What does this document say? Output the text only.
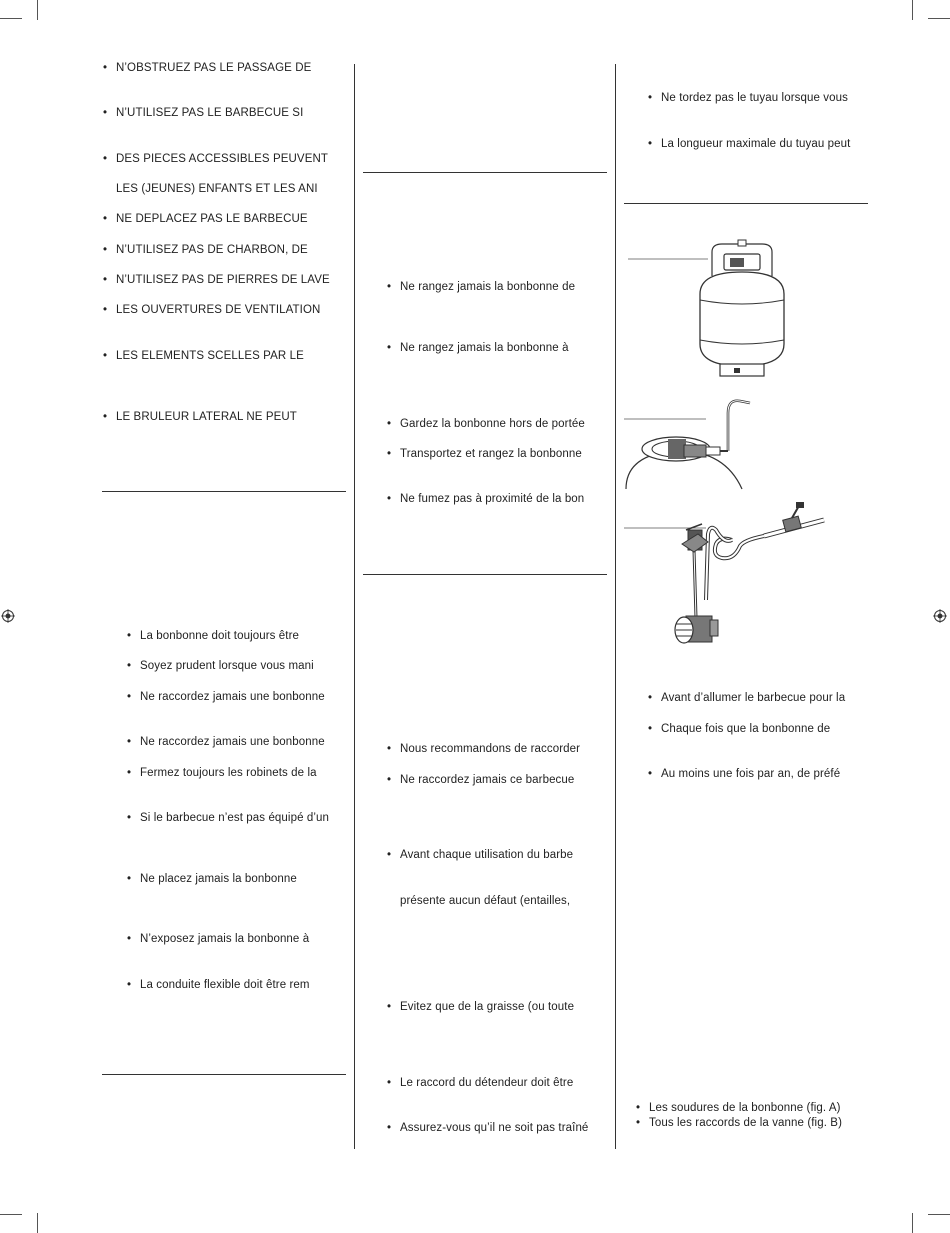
• N’OBSTRUEZ PAS LE PASSAGE DE
• N’UTILISEZ PAS LE BARBECUE SI
• DES PIECES ACCESSIBLES PEUVENT
LES (JEUNES) ENFANTS ET LES ANI
• NE DEPLACEZ PAS LE BARBECUE
• N’UTILISEZ PAS DE CHARBON, DE
• N’UTILISEZ PAS DE PIERRES DE LAVE
• LES OUVERTURES DE VENTILATION
• LES ELEMENTS SCELLES PAR LE
• LE BRULEUR LATERAL NE PEUT
• La bonbonne doit toujours être
• Soyez prudent lorsque vous mani
• Ne raccordez jamais une bonbonne
• Ne raccordez jamais une bonbonne
• Fermez toujours les robinets de la
• Si le barbecue n’est pas équipé d’un
• Ne placez jamais la bonbonne
• N’exposez jamais la bonbonne à
• La conduite flexible doit être rem
• Ne rangez jamais la bonbonne de
• Ne rangez jamais la bonbonne à
• Gardez la bonbonne hors de portée
• Transportez et rangez la bonbonne
• Ne fumez pas à proximité de la bon
• Nous recommandons de raccorder
• Ne raccordez jamais ce barbecue
• Avant chaque utilisation du barbe
présente aucun défaut (entailles,
• Evitez que de la graisse (ou toute
• Le raccord du détendeur doit être
• Assurez-vous qu’il ne soit pas traîné
• Ne tordez pas le tuyau lorsque vous
• La longueur maximale du tuyau peut
• Avant d’allumer le barbecue pour la
• Chaque fois que la bonbonne de
• Au moins une fois par an, de préfé
• Les soudures de la bonbonne (fig. A)
• Tous les raccords de la vanne (fig. B)
